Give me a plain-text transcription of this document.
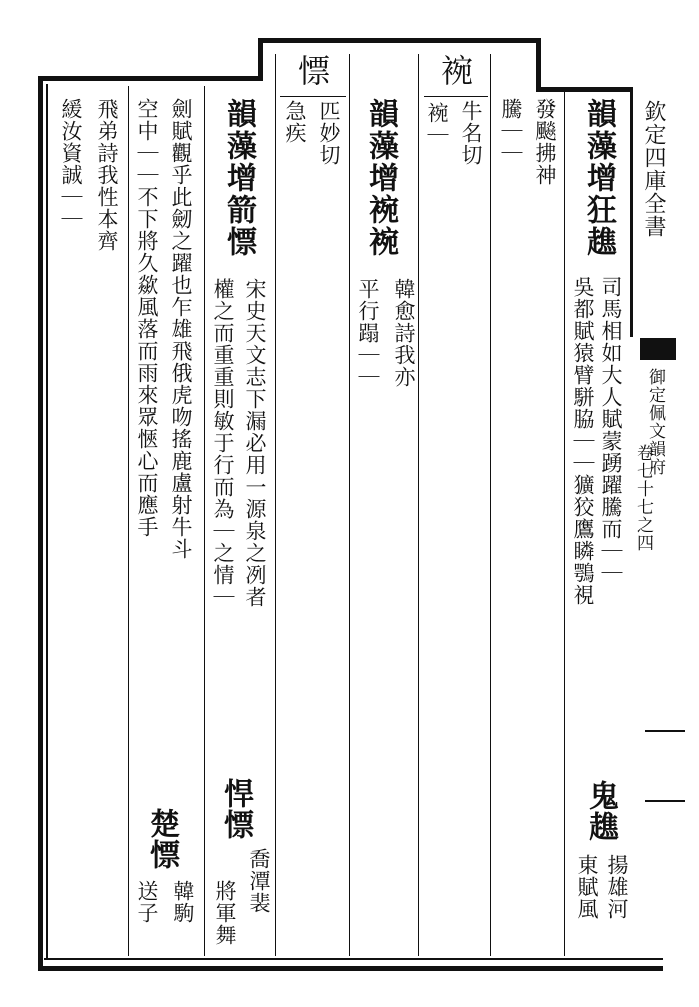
欽定四庫全書
御定佩文韻府
卷七十七之四
韻藻增狂趭
司馬相如大人賦蒙踴躍騰而｜｜
吳都賦猿臂駢脇｜｜獷狡鷹瞵鶚視
鬼趭
揚雄河
東賦風
發飈拂神
騰｜｜
䘼
牛名切
䘼｜
韻藻增䘼䘼
韓愈詩我亦
平行蹋｜｜
慓
匹妙切
急疾
韻藻增箭慓
宋史天文志下漏必用一源泉之冽者
權之而重重則敏于行而為｜之情｜
悍慓
喬潭裴
將軍舞
劍賦觀乎此劒之躍也乍雄飛俄虎吻搖鹿盧射牛斗
空中｜｜不下將久歘風落而雨來眾愜心而應手
楚慓
韓駒
送子
飛弟詩我性本齊
緩汝資誠｜｜
